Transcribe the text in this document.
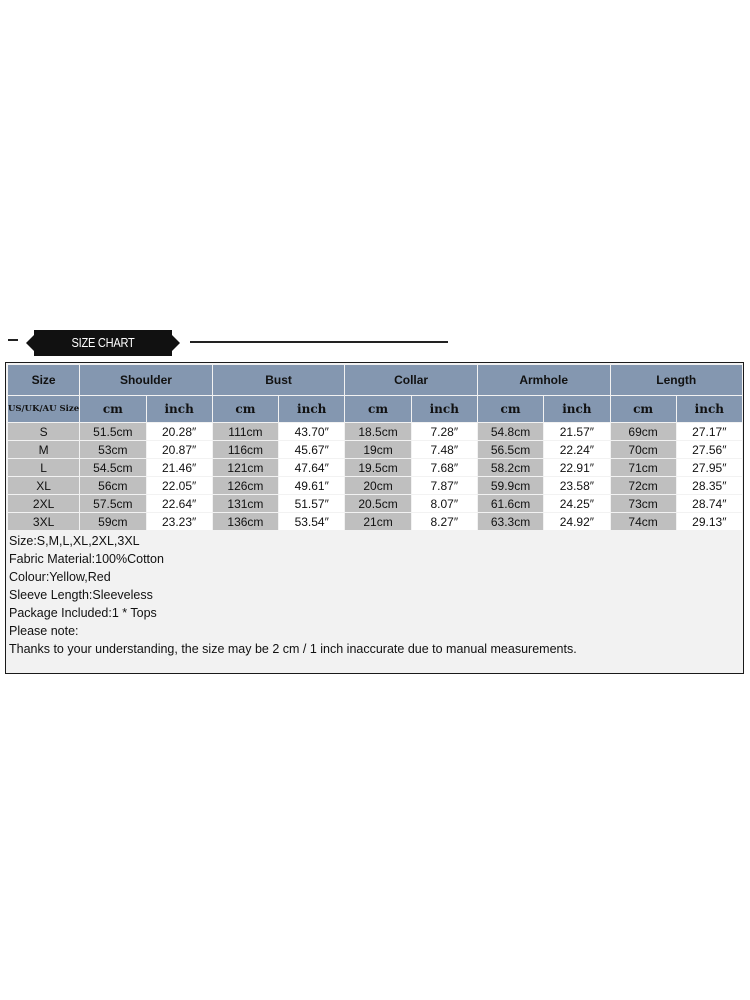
SIZE CHART
Size	Shoulder		Bust		Collar		Armhole		Length	
US/UK/AU Size	cm	inch	cm	inch	cm	inch	cm	inch	cm	inch
S	51.5cm	20.28″	111cm	43.70″	18.5cm	7.28″	54.8cm	21.57″	69cm	27.17″
M	53cm	20.87″	116cm	45.67″	19cm	7.48″	56.5cm	22.24″	70cm	27.56″
L	54.5cm	21.46″	121cm	47.64″	19.5cm	7.68″	58.2cm	22.91″	71cm	27.95″
XL	56cm	22.05″	126cm	49.61″	20cm	7.87″	59.9cm	23.58″	72cm	28.35″
2XL	57.5cm	22.64″	131cm	51.57″	20.5cm	8.07″	61.6cm	24.25″	73cm	28.74″
3XL	59cm	23.23″	136cm	53.54″	21cm	8.27″	63.3cm	24.92″	74cm	29.13″
Size:S,M,L,XL,2XL,3XL
Fabric Material:100%Cotton
Colour:Yellow,Red
Sleeve Length:Sleeveless
Package Included:1 * Tops
Please note:
Thanks to your understanding, the size may be 2 cm / 1 inch inaccurate due to manual measurements.
